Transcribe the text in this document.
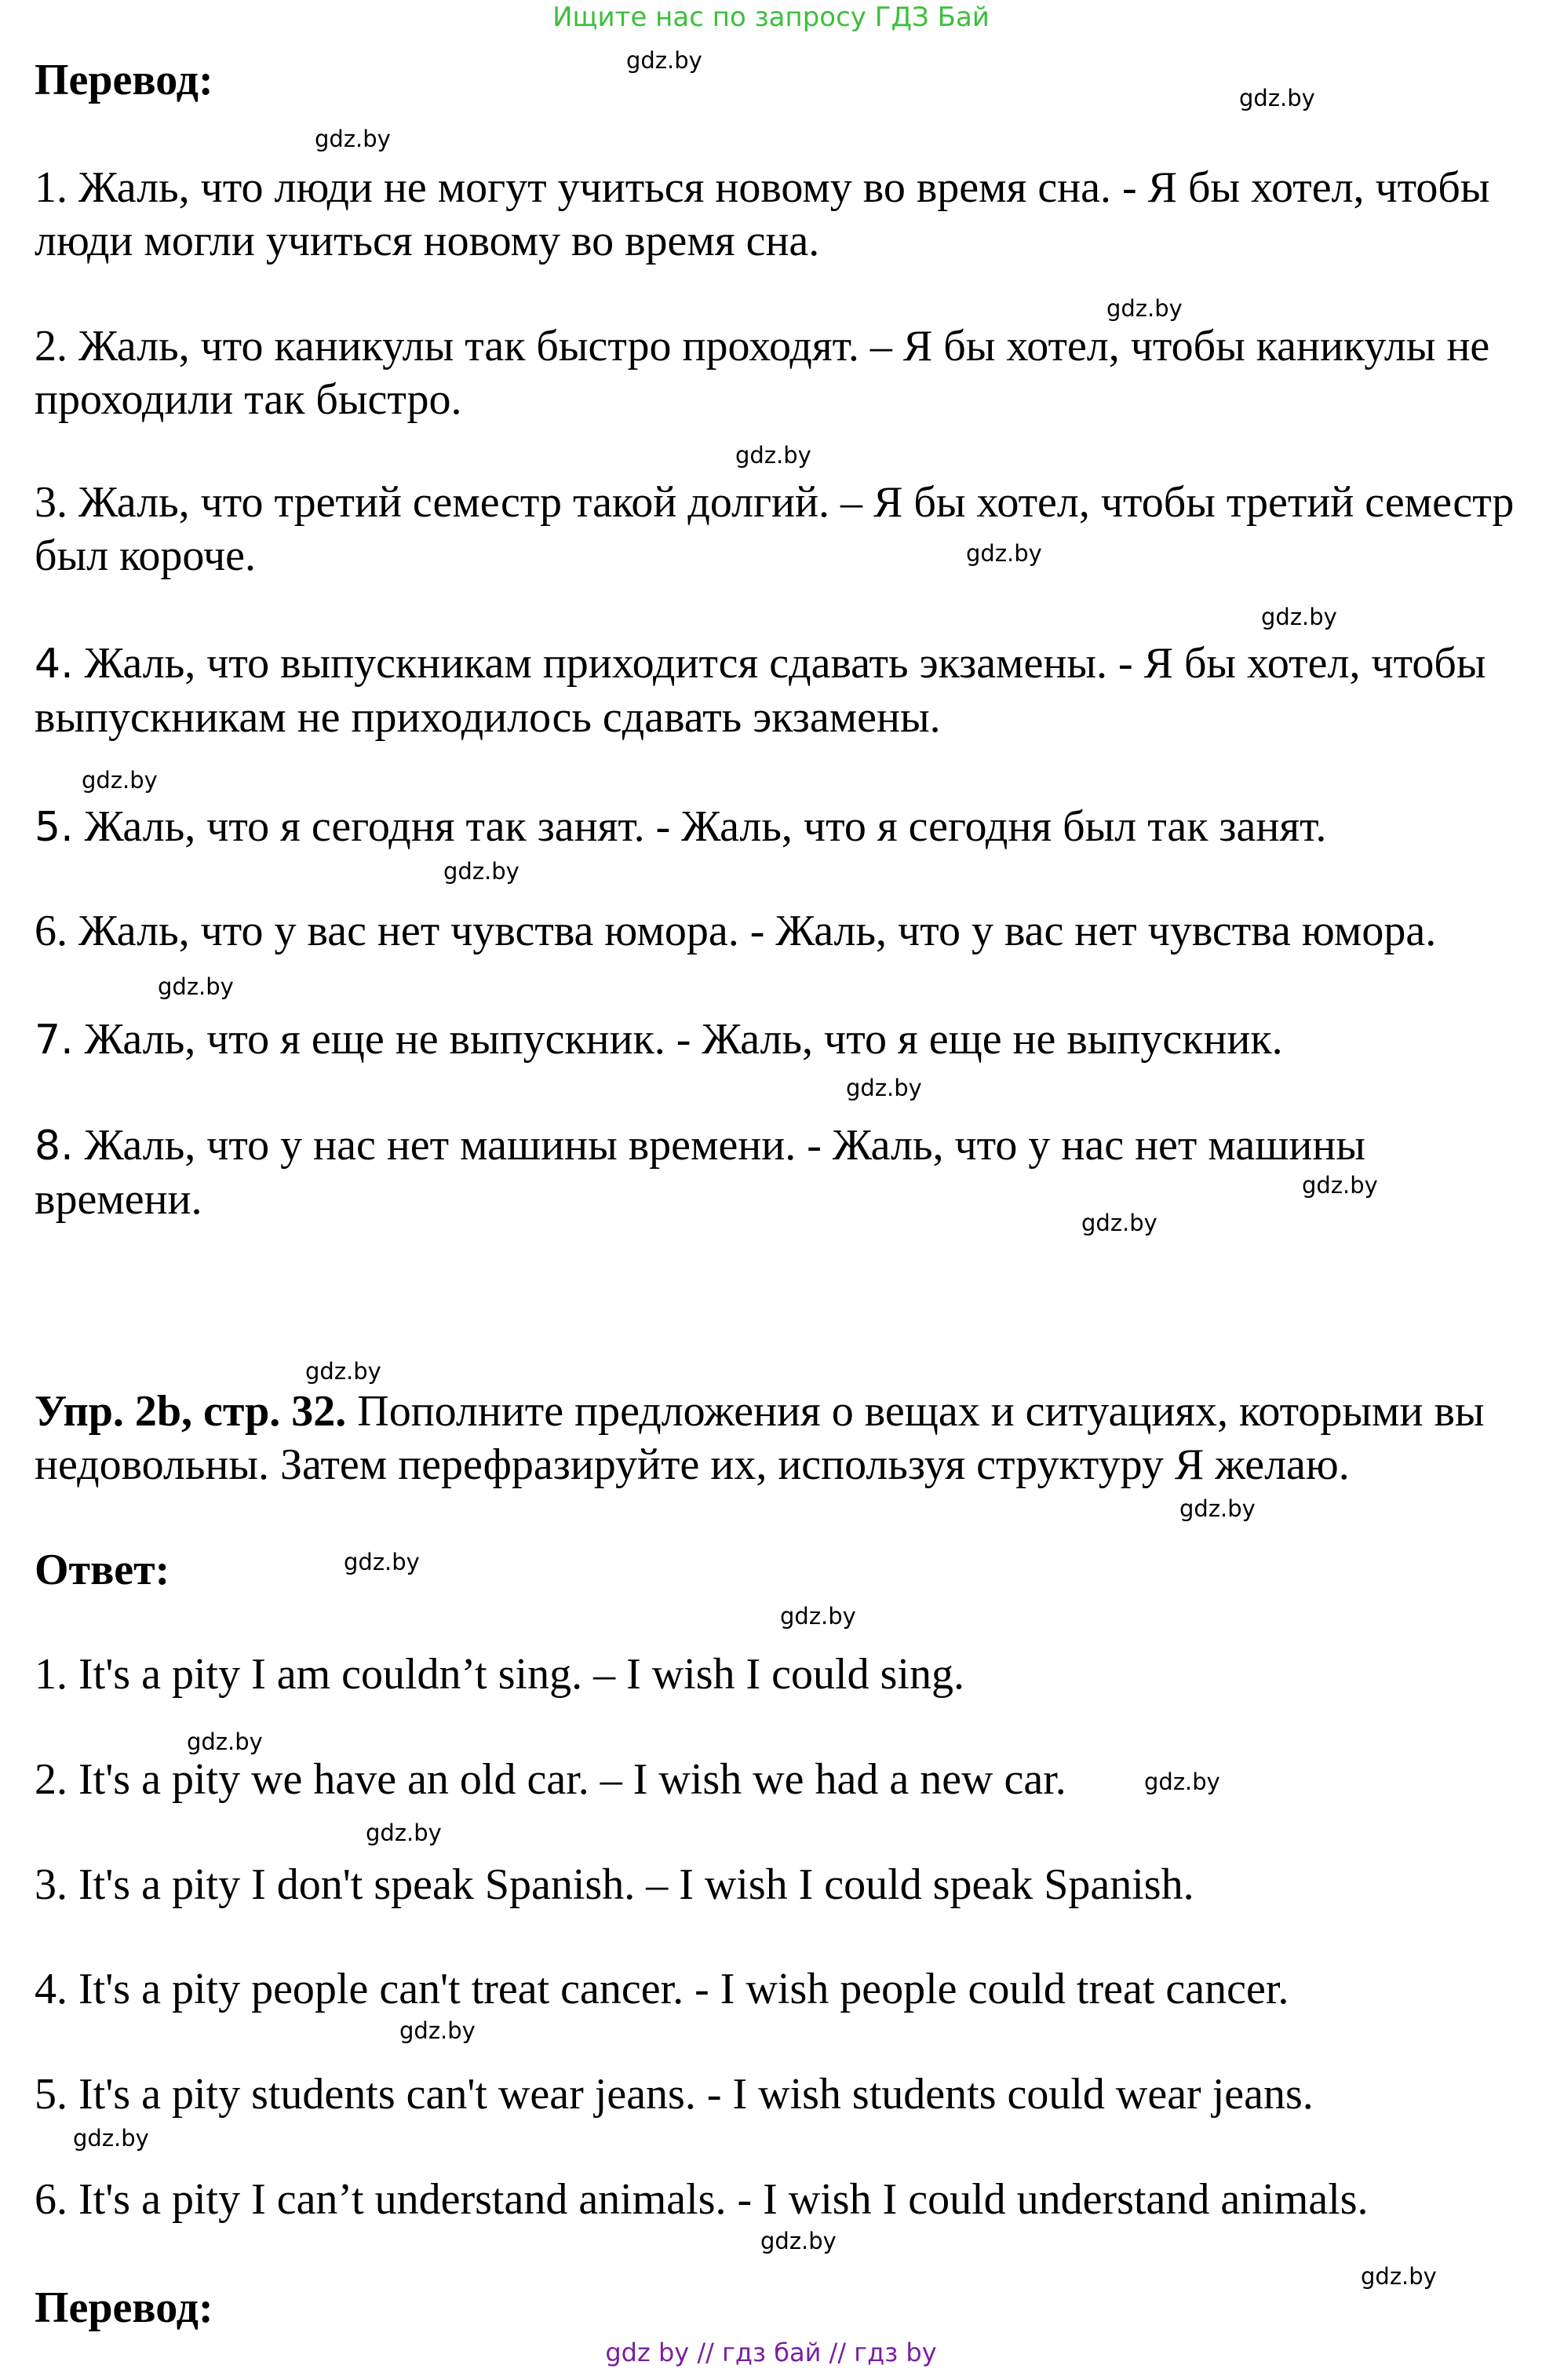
Ищите нас по запросу ГДЗ Бай
Перевод:
1. Жаль, что люди не могут учиться новому во время сна. - Я бы хотел, чтобы люди могли учиться новому во время сна.
2. Жаль, что каникулы так быстро проходят. – Я бы хотел, чтобы каникулы не проходили так быстро.
3. Жаль, что третий семестр такой долгий. – Я бы хотел, чтобы третий семестр был короче.
4. Жаль, что выпускникам приходится сдавать экзамены. - Я бы хотел, чтобы выпускникам не приходилось сдавать экзамены.
5. Жаль, что я сегодня так занят. - Жаль, что я сегодня был так занят.
6. Жаль, что у вас нет чувства юмора. - Жаль, что у вас нет чувства юмора.
7. Жаль, что я еще не выпускник. - Жаль, что я еще не выпускник.
8. Жаль, что у нас нет машины времени. - Жаль, что у нас нет машины времени.
Упр. 2b, стр. 32. Пополните предложения о вещах и ситуациях, которыми вы недовольны. Затем перефразируйте их, используя структуру Я желаю.
Ответ:
1. It's a pity I am couldn’t sing. – I wish I could sing.
2. It's a pity we have an old car. – I wish we had a new car.
3. It's a pity I don't speak Spanish. – I wish I could speak Spanish.
4. It's a pity people can't treat cancer. - I wish people could treat cancer.
5. It's a pity students can't wear jeans. - I wish students could wear jeans.
6. It's a pity I can’t understand animals. - I wish I could understand animals.
Перевод:
gdz.by
gdz.by
gdz.by
gdz.by
gdz.by
gdz.by
gdz.by
gdz.by
gdz.by
gdz.by
gdz.by
gdz.by
gdz.by
gdz.by
gdz.by
gdz.by
gdz.by
gdz.by
gdz.by
gdz.by
gdz.by
gdz.by
gdz.by
gdz.by
gdz by // гдз бай // гдз by
